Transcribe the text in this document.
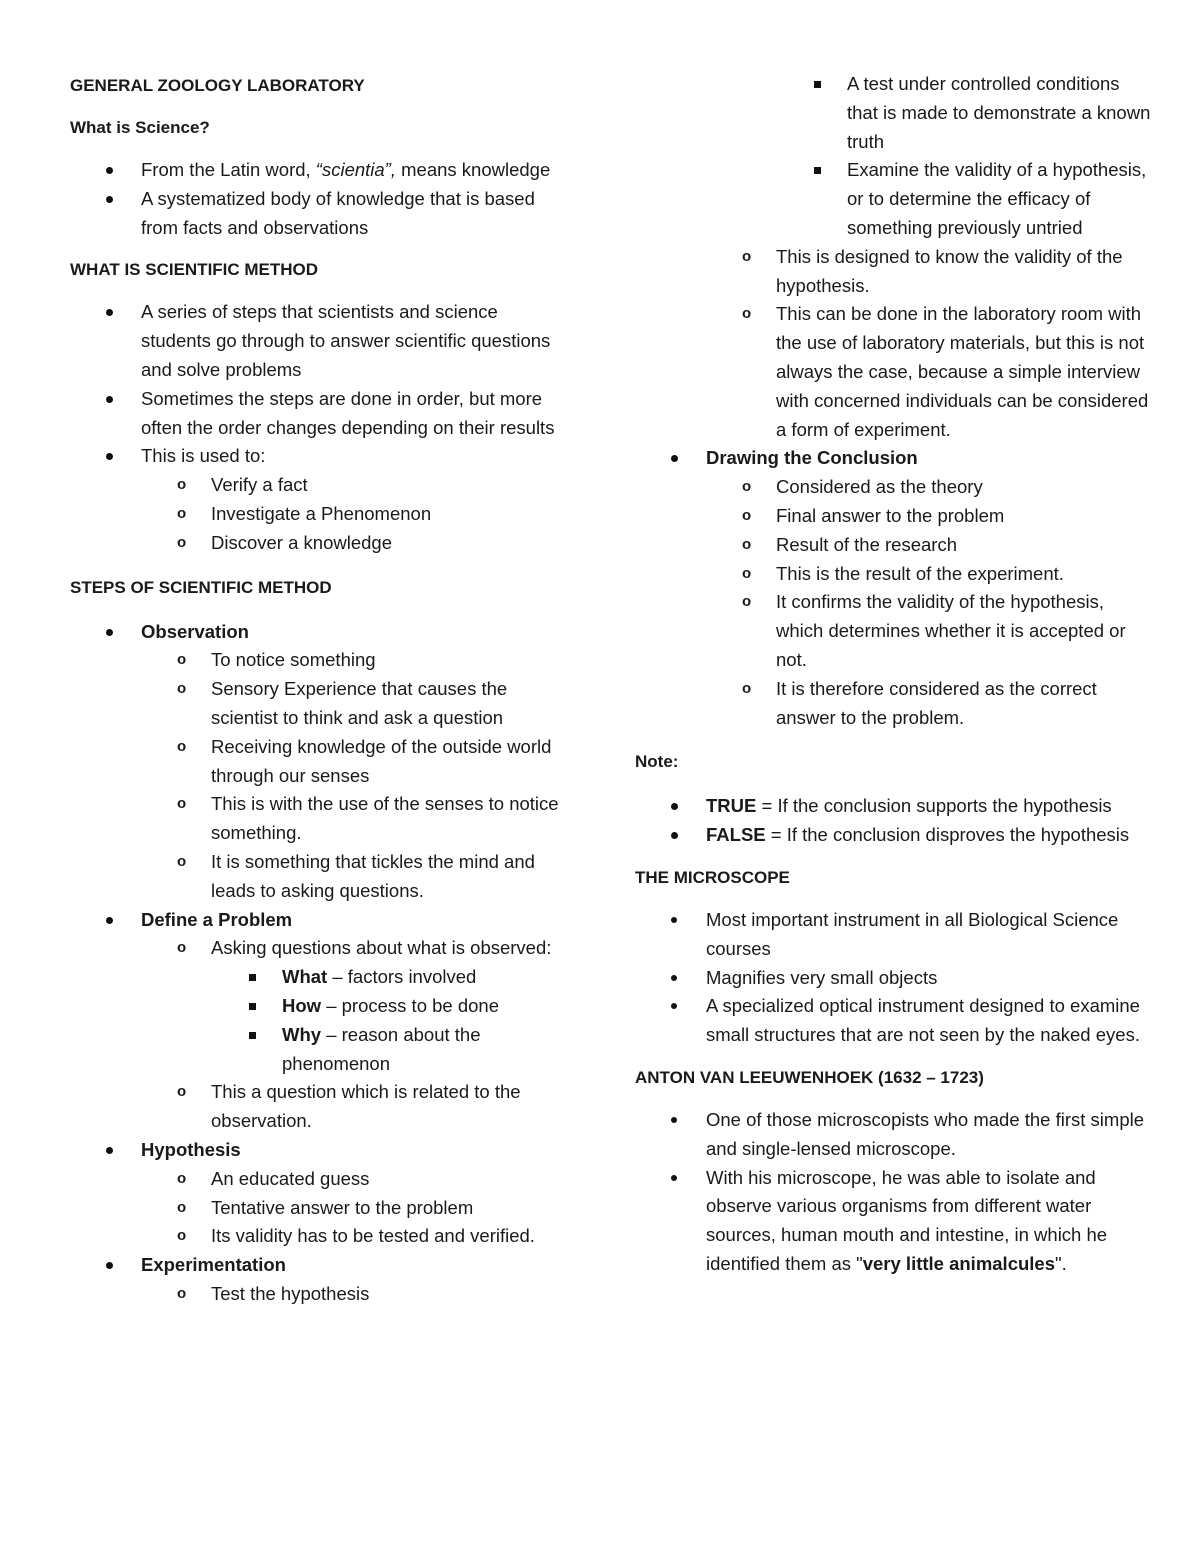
GENERAL ZOOLOGY LABORATORY

What is Science?

From the Latin word, “scientia”, means knowledge
A systematized body of knowledge that is based from facts and observations

WHAT IS SCIENTIFIC METHOD

A series of steps that scientists and science students go through to answer scientific questions and solve problems
Sometimes the steps are done in order, but more often the order changes depending on their results
This is used to:
o Verify a fact
o Investigate a Phenomenon
o Discover a knowledge

STEPS OF SCIENTIFIC METHOD

Observation
o To notice something
o Sensory Experience that causes the scientist to think and ask a question
o Receiving knowledge of the outside world through our senses
o This is with the use of the senses to notice something.
o It is something that tickles the mind and leads to asking questions.
Define a Problem
o Asking questions about what is observed:
What – factors involved
How – process to be done
Why – reason about the phenomenon
o This a question which is related to the observation.
Hypothesis
o An educated guess
o Tentative answer to the problem
o Its validity has to be tested and verified.
Experimentation
o Test the hypothesis
A test under controlled conditions that is made to demonstrate a known truth
Examine the validity of a hypothesis, or to determine the efficacy of something previously untried
o This is designed to know the validity of the hypothesis.
o This can be done in the laboratory room with the use of laboratory materials, but this is not always the case, because a simple interview with concerned individuals can be considered a form of experiment.
Drawing the Conclusion
o Considered as the theory
o Final answer to the problem
o Result of the research
o This is the result of the experiment.
o It confirms the validity of the hypothesis, which determines whether it is accepted or not.
o It is therefore considered as the correct answer to the problem.

Note:

TRUE = If the conclusion supports the hypothesis
FALSE = If the conclusion disproves the hypothesis

THE MICROSCOPE

Most important instrument in all Biological Science courses
Magnifies very small objects
A specialized optical instrument designed to examine small structures that are not seen by the naked eyes.

ANTON VAN LEEUWENHOEK (1632 – 1723)

One of those microscopists who made the first simple and single-lensed microscope.
With his microscope, he was able to isolate and observe various organisms from different water sources, human mouth and intestine, in which he identified them as "very little animalcules".
